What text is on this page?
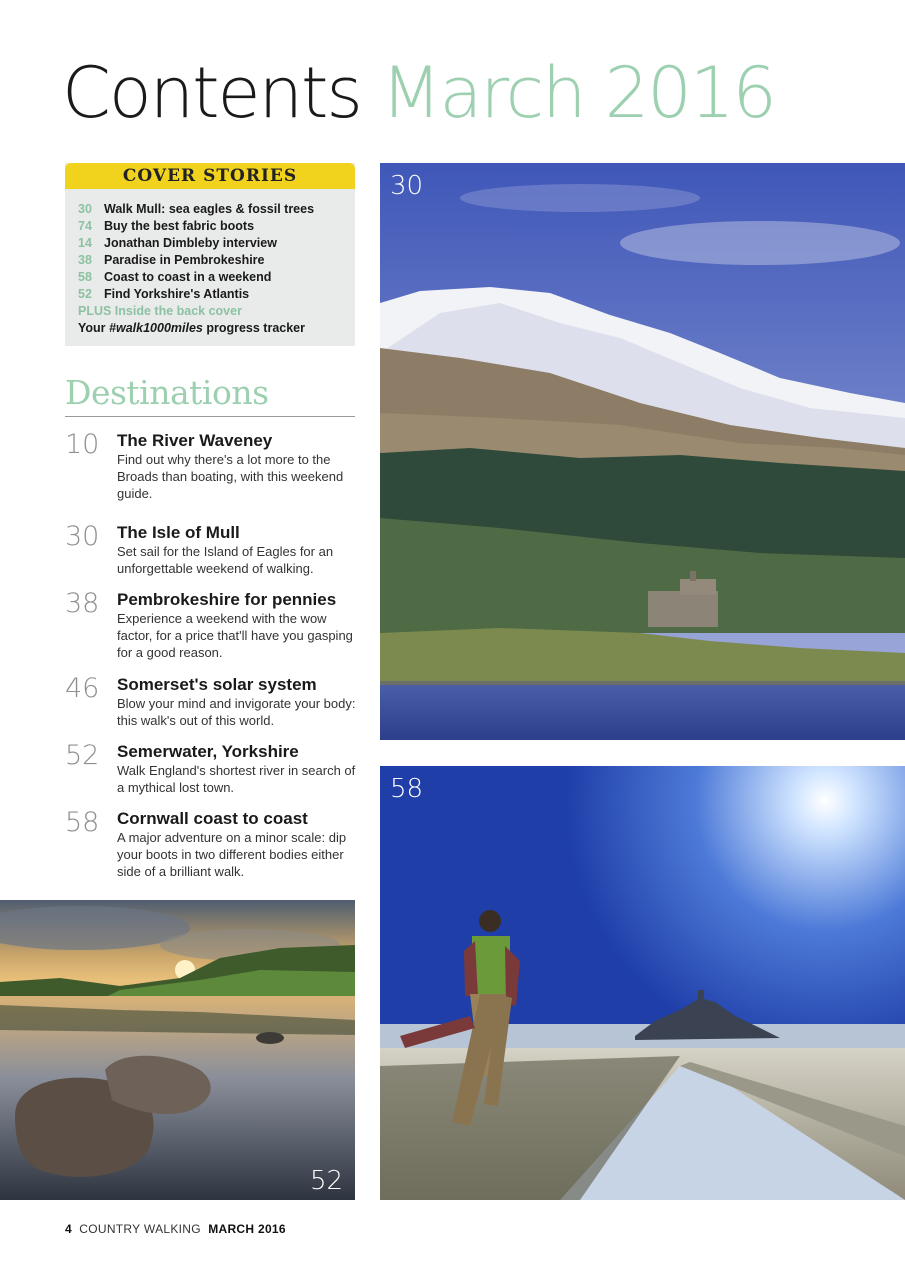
Contents March 2016
COVER STORIES
30 Walk Mull: sea eagles & fossil trees
74 Buy the best fabric boots
14 Jonathan Dimbleby interview
38 Paradise in Pembrokeshire
58 Coast to coast in a weekend
52 Find Yorkshire's Atlantis
PLUS Inside the back cover
Your #walk1000miles progress tracker
Destinations
10 The River Waveney
Find out why there's a lot more to the Broads than boating, with this weekend guide.
30 The Isle of Mull
Set sail for the Island of Eagles for an unforgettable weekend of walking.
38 Pembrokeshire for pennies
Experience a weekend with the wow factor, for a price that'll have you gasping for a good reason.
46 Somerset's solar system
Blow your mind and invigorate your body: this walk's out of this world.
52 Semerwater, Yorkshire
Walk England's shortest river in search of a mythical lost town.
58 Cornwall coast to coast
A major adventure on a minor scale: dip your boots in two different bodies either side of a brilliant walk.
30
58
52
4 COUNTRY WALKING MARCH 2016
